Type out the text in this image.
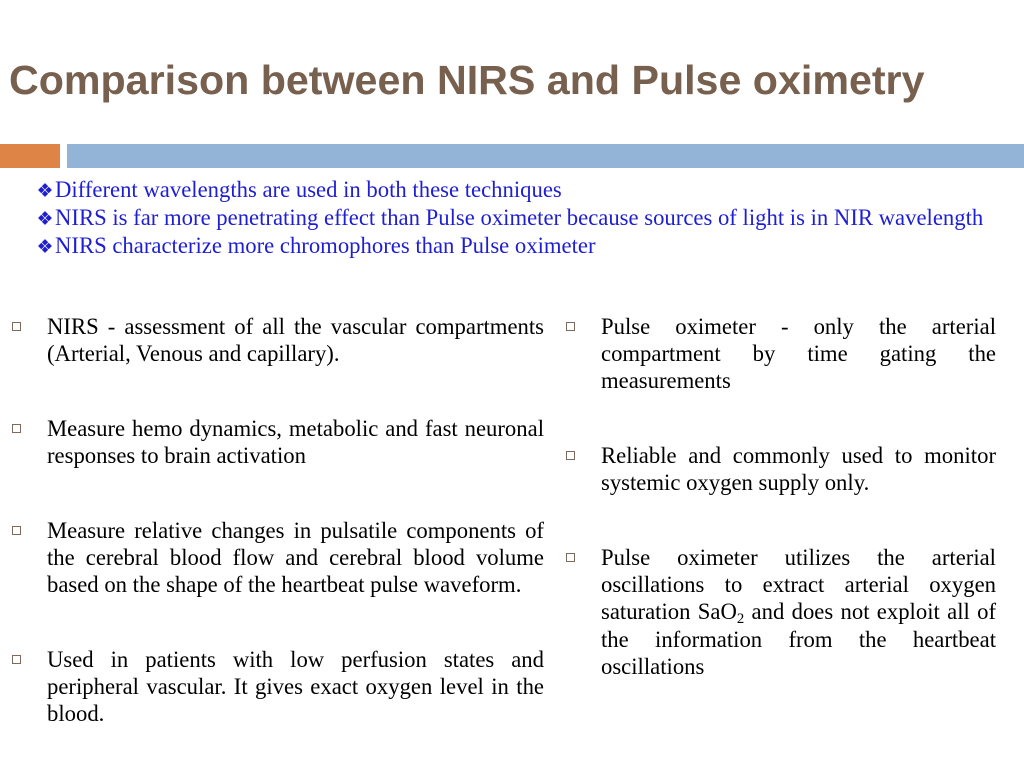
Comparison between NIRS and Pulse oximetry
Different wavelengths are used in both these techniques
NIRS is far more penetrating effect than Pulse oximeter because sources of light is in NIR wavelength
NIRS characterize more chromophores than Pulse oximeter
NIRS - assessment of all the vascular compartments
(Arterial, Venous and capillary).
Measure hemo dynamics, metabolic and fast neuronal
responses to brain activation
Measure relative changes in pulsatile components of
the cerebral blood flow and cerebral blood volume
based on the shape of the heartbeat pulse waveform.
Used in patients with low perfusion states and
peripheral vascular. It gives exact oxygen level in the
blood.
Pulse oximeter - only the arterial
compartment by time gating the
measurements
Reliable and commonly used to monitor
systemic oxygen supply only.
Pulse oximeter utilizes the arterial
oscillations to extract arterial oxygen
saturation SaO$_2$ and does not exploit all of
the information from the heartbeat
oscillations
